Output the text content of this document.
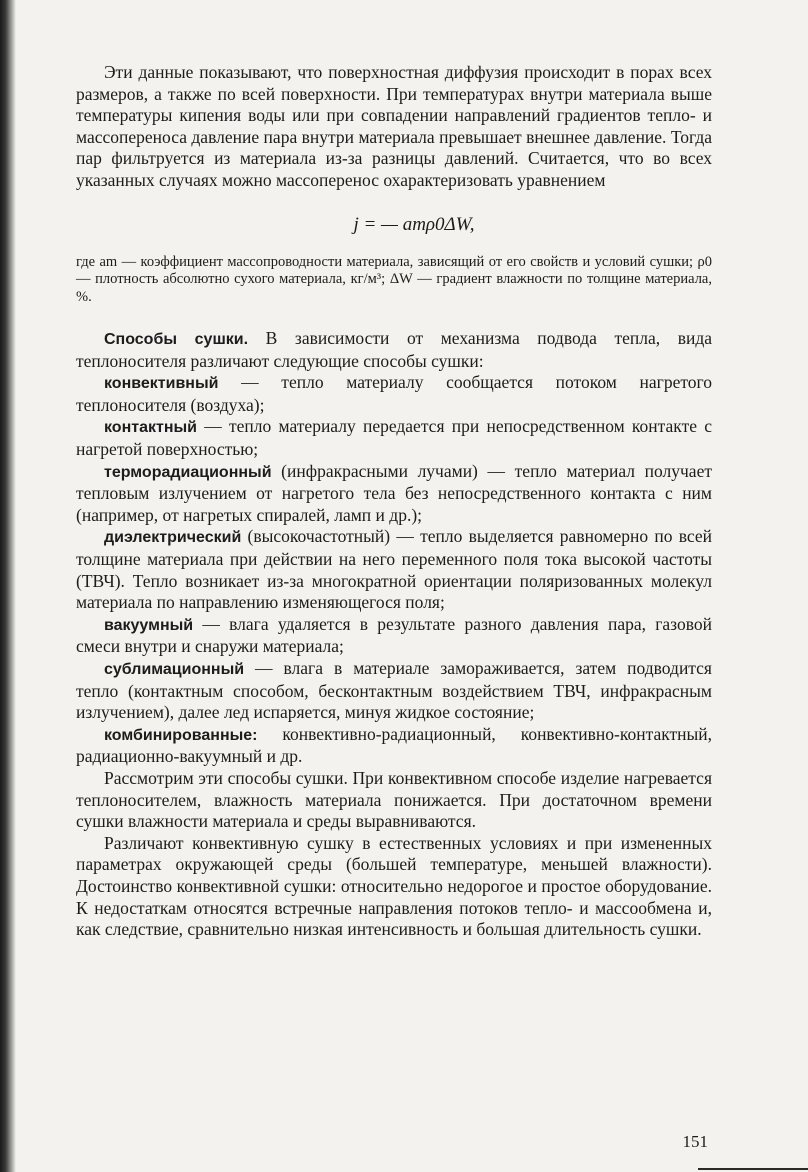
Эти данные показывают, что поверхностная диффузия происходит в порах всех размеров, а также по всей поверхности. При температурах внутри материала выше температуры кипения воды или при совпадении направлений градиентов тепло- и массопереноса давление пара внутри материала превышает внешнее давление. Тогда пар фильтруется из материала из-за разницы давлений. Считается, что во всех указанных случаях можно массоперенос охарактеризовать уравнением

j = — amρ0ΔW,

где am — коэффициент массопроводности материала, зависящий от его свойств и условий сушки; ρ0 — плотность абсолютно сухого материала, кг/м³; ΔW — градиент влажности по толщине материала, %.

Способы сушки. В зависимости от механизма подвода тепла, вида теплоносителя различают следующие способы сушки:

конвективный — тепло материалу сообщается потоком нагретого теплоносителя (воздуха);

контактный — тепло материалу передается при непосредственном контакте с нагретой поверхностью;

терморадиационный (инфракрасными лучами) — тепло материал получает тепловым излучением от нагретого тела без непосредственного контакта с ним (например, от нагретых спиралей, ламп и др.);

диэлектрический (высокочастотный) — тепло выделяется равномерно по всей толщине материала при действии на него переменного поля тока высокой частоты (ТВЧ). Тепло возникает из-за многократной ориентации поляризованных молекул материала по направлению изменяющегося поля;

вакуумный — влага удаляется в результате разного давления пара, газовой смеси внутри и снаружи материала;

сублимационный — влага в материале замораживается, затем подводится тепло (контактным способом, бесконтактным воздействием ТВЧ, инфракрасным излучением), далее лед испаряется, минуя жидкое состояние;

комбинированные: конвективно-радиационный, конвективно-контактный, радиационно-вакуумный и др.

Рассмотрим эти способы сушки. При конвективном способе изделие нагревается теплоносителем, влажность материала понижается. При достаточном времени сушки влажности материала и среды выравниваются.

Различают конвективную сушку в естественных условиях и при измененных параметрах окружающей среды (большей температуре, меньшей влажности). Достоинство конвективной сушки: относительно недорогое и простое оборудование. К недостаткам относятся встречные направления потоков тепло- и массообмена и, как следствие, сравнительно низкая интенсивность и большая длительность сушки.

151
